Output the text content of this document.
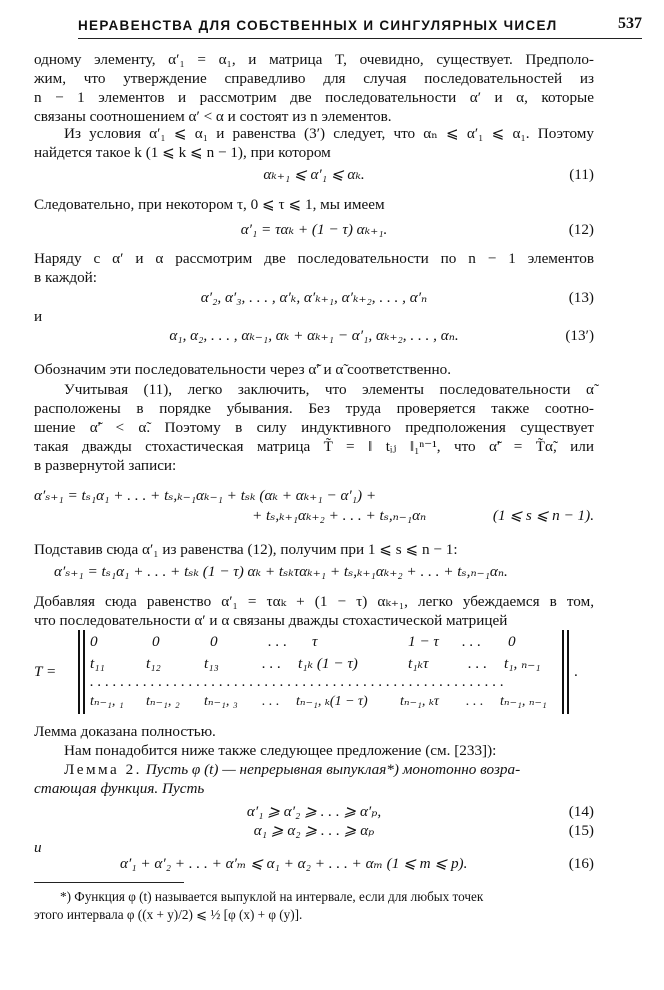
НЕРАВЕНСТВА ДЛЯ СОБСТВЕННЫХ И СИНГУЛЯРНЫХ ЧИСЕЛ	537
одному элементу, α′₁ = α₁, и матрица T, очевидно, существует. Предполо-
жим, что утверждение справедливо для случая последовательностей из
n − 1 элементов и рассмотрим две последовательности α′ и α, которые
связаны соотношением α′ < α и состоят из n элементов.
Из условия α′₁ ⩽ α₁ и равенства (3′) следует, что αₙ ⩽ α′₁ ⩽ α₁. Поэтому
найдется такое k (1 ⩽ k ⩽ n − 1), при котором
αₖ₊₁ ⩽ α′₁ ⩽ αₖ.	(11)
Следовательно, при некотором τ, 0 ⩽ τ ⩽ 1, мы имеем
α′₁ = ταₖ + (1 − τ) αₖ₊₁.	(12)
Наряду с α′ и α рассмотрим две последовательности по n − 1 элементов
в каждой:
α′₂, α′₃, . . . , α′ₖ, α′ₖ₊₁, α′ₖ₊₂, . . . , α′ₙ	(13)
и
α₁, α₂, . . . , αₖ₋₁, αₖ + αₖ₊₁ − α′₁, αₖ₊₂, . . . , αₙ.	(13′)
Обозначим эти последовательности через α̃′ и α̃ соответственно.
Учитывая (11), легко заключить, что элементы последовательности α̃
расположены в порядке убывания. Без труда проверяется также соотно-
шение α̃′ < α̃. Поэтому в силу индуктивного предположения существует
такая дважды стохастическая матрица T̃ = ‖ tᵢⱼ ‖₁ⁿ⁻¹, что α̃′ = T̃α̃, или
в развернутой записи:
α′ₛ₊₁ = tₛ₁α₁ + . . . + tₛ,ₖ₋₁αₖ₋₁ + tₛₖ (αₖ + αₖ₊₁ − α′₁) +
+ tₛ,ₖ₊₁αₖ₊₂ + . . . + tₛ,ₙ₋₁αₙ	(1 ⩽ s ⩽ n − 1).
Подставив сюда α′₁ из равенства (12), получим при 1 ⩽ s ⩽ n − 1:
α′ₛ₊₁ = tₛ₁α₁ + . . . + tₛₖ (1 − τ) αₖ + tₛₖταₖ₊₁ + tₛ,ₖ₊₁αₖ₊₂ + . . . + tₛ,ₙ₋₁αₙ.
Добавляя сюда равенство α′₁ = ταₖ + (1 − τ) αₖ₊₁, легко убеждаемся в том,
что последовательности α′ и α связаны дважды стохастической матрицей
T =	.
0	0	0	. . . τ	1 − τ . . . 0
t₁₁	t₁₂	t₁₃	. . . t₁ₖ (1 − τ)	t₁ₖτ	. . . t₁, ₙ₋₁
. . . . . . . . . . . . . . . . . . . . . . . . . . . . . . . . . . . . . . . . . . . . . . . . . . . . . . .
tₙ₋₁, ₁ tₙ₋₁, ₂ tₙ₋₁, ₃ . . . tₙ₋₁, ₖ(1 − τ) tₙ₋₁, ₖτ . . . tₙ₋₁, ₙ₋₁
Лемма доказана полностью.
Нам понадобится ниже также следующее предложение (см. [233]):
Лемма 2. Пусть φ (t) — непрерывная выпуклая*) монотонно возра-
стающая функция. Пусть
α′₁ ⩾ α′₂ ⩾ . . . ⩾ α′ₚ,	(14)
α₁ ⩾ α₂ ⩾ . . . ⩾ αₚ	(15)
и
α′₁ + α′₂ + . . . + α′ₘ ⩽ α₁ + α₂ + . . . + αₘ (1 ⩽ m ⩽ p).	(16)
*) Функция φ (t) называется выпуклой на интервале, если для любых точек
этого интервала φ ((x + y)/2) ⩽ ½ [φ (x) + φ (y)].
